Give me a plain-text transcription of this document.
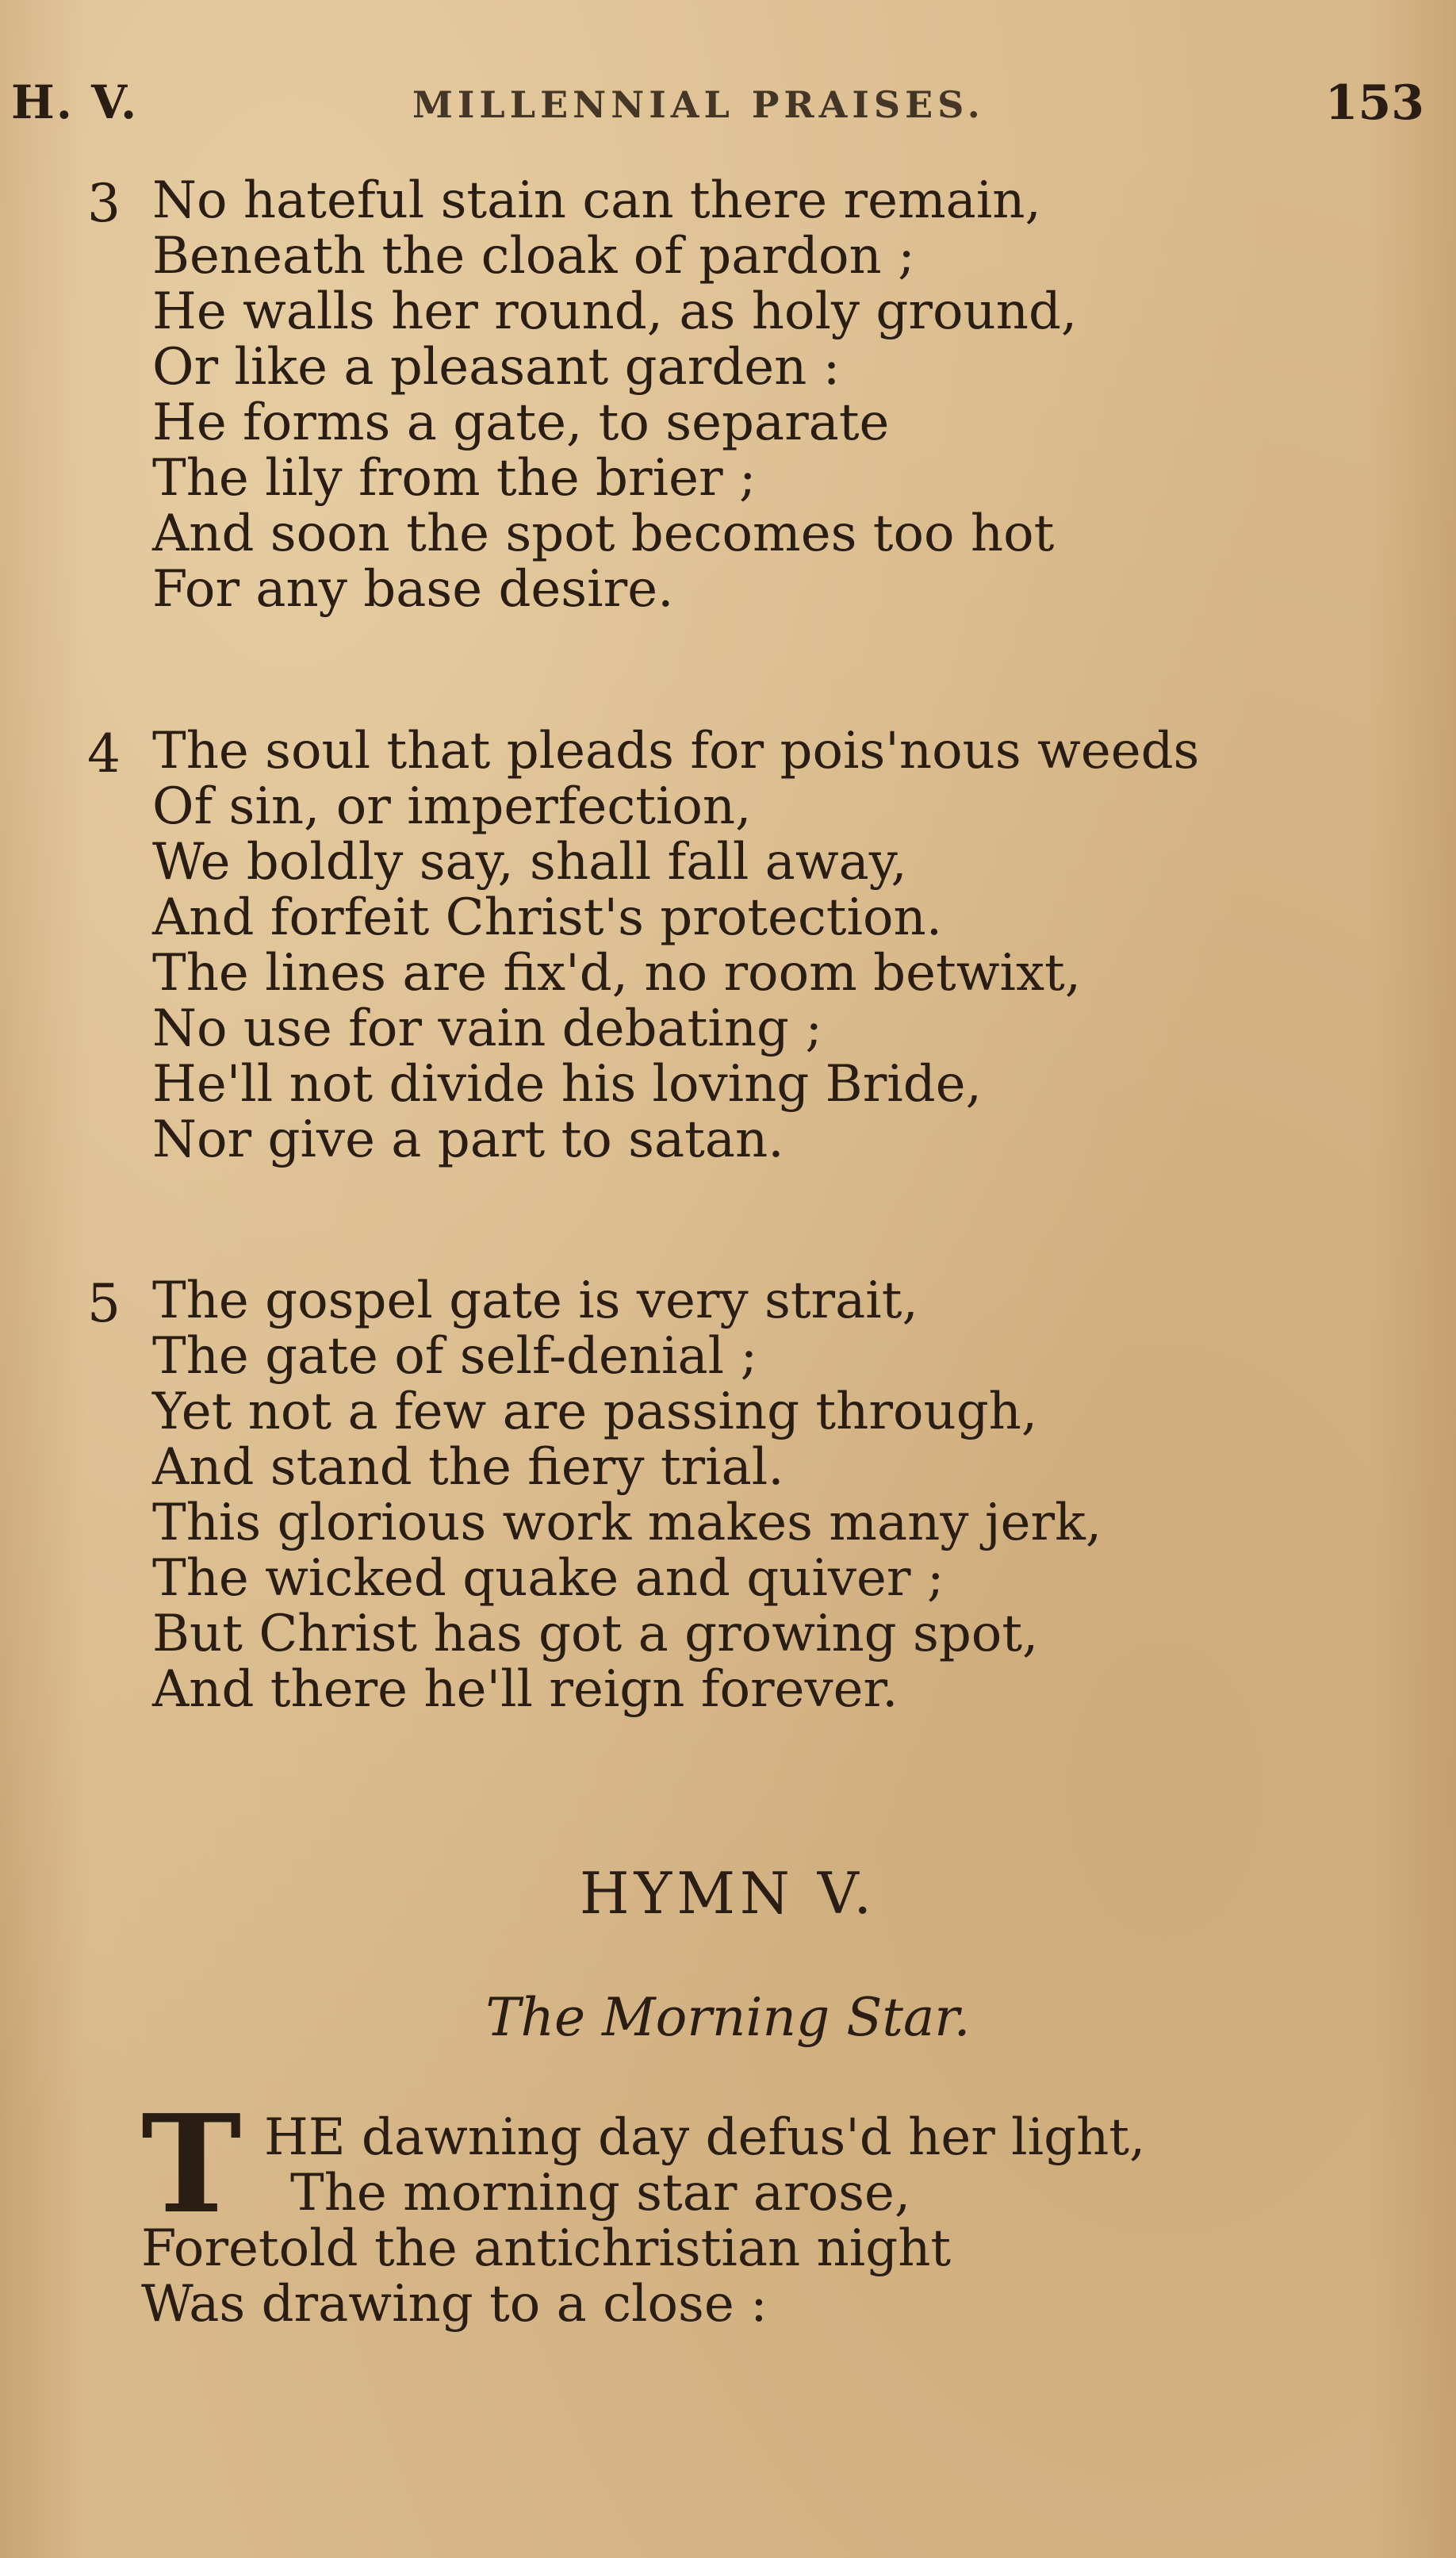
H. V.	MILLENNIAL PRAISES.	153
3 No hateful stain can there remain,
Beneath the cloak of pardon ;
He walls her round, as holy ground,
Or like a pleasant garden :
He forms a gate, to separate
The lily from the brier ;
And soon the spot becomes too hot
For any base desire.
4 The soul that pleads for pois'nous weeds
Of sin, or imperfection,
We boldly say, shall fall away,
And forfeit Christ's protection.
The lines are fix'd, no room betwixt,
No use for vain debating ;
He'll not divide his loving Bride,
Nor give a part to satan.
5 The gospel gate is very strait,
The gate of self-denial ;
Yet not a few are passing through,
And stand the fiery trial.
This glorious work makes many jerk,
The wicked quake and quiver ;
But Christ has got a growing spot,
And there he'll reign forever.
HYMN V.
The Morning Star.
T HE dawning day defus'd her light,
The morning star arose,
Foretold the antichristian night
Was drawing to a close :
